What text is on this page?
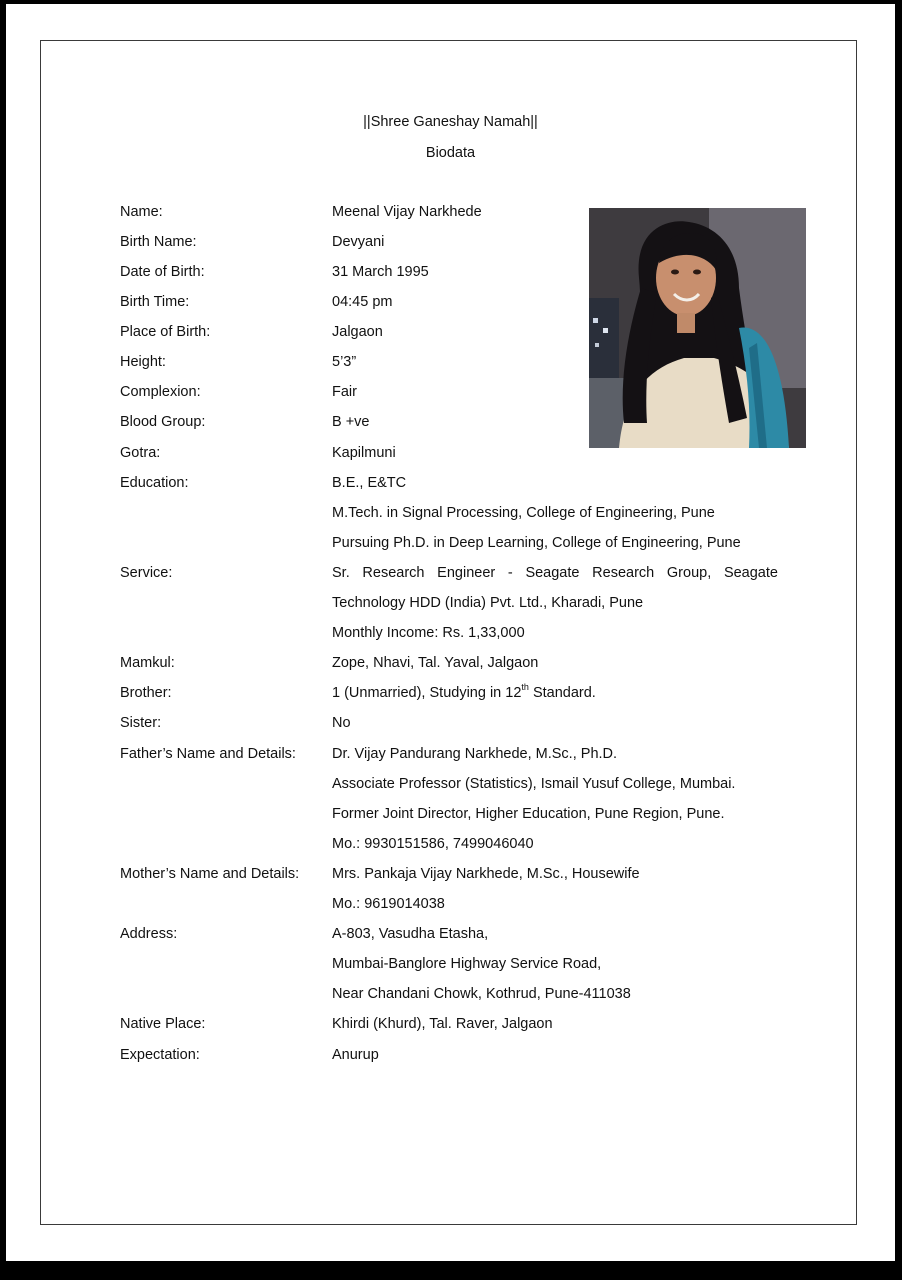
||Shree Ganeshay Namah||
Biodata
Name:	Meenal Vijay Narkhede
Birth Name:	Devyani
Date of Birth:	31 March 1995
Birth Time:	04:45 pm
Place of Birth:	Jalgaon
Height:	5’3”
Complexion:	Fair
Blood Group:	B +ve
Gotra:	Kapilmuni
Education:	B.E., E&TC
M.Tech. in Signal Processing, College of Engineering, Pune
Pursuing Ph.D. in Deep Learning, College of Engineering, Pune
Service:	Sr. Research Engineer - Seagate Research Group, Seagate
Technology HDD (India) Pvt. Ltd., Kharadi, Pune
Monthly Income: Rs. 1,33,000
Mamkul:	Zope, Nhavi, Tal. Yaval, Jalgaon
Brother:	1 (Unmarried), Studying in 12th Standard.
Sister:	No
Father’s Name and Details: Dr. Vijay Pandurang Narkhede, M.Sc., Ph.D.
Associate Professor (Statistics), Ismail Yusuf College, Mumbai.
Former Joint Director, Higher Education, Pune Region, Pune.
Mo.: 9930151586, 7499046040
Mother’s Name and Details: Mrs. Pankaja Vijay Narkhede, M.Sc., Housewife
Mo.: 9619014038
Address:	A-803, Vasudha Etasha,
Mumbai-Banglore Highway Service Road,
Near Chandani Chowk, Kothrud, Pune-411038
Native Place:	Khirdi (Khurd), Tal. Raver, Jalgaon
Expectation:	Anurup
